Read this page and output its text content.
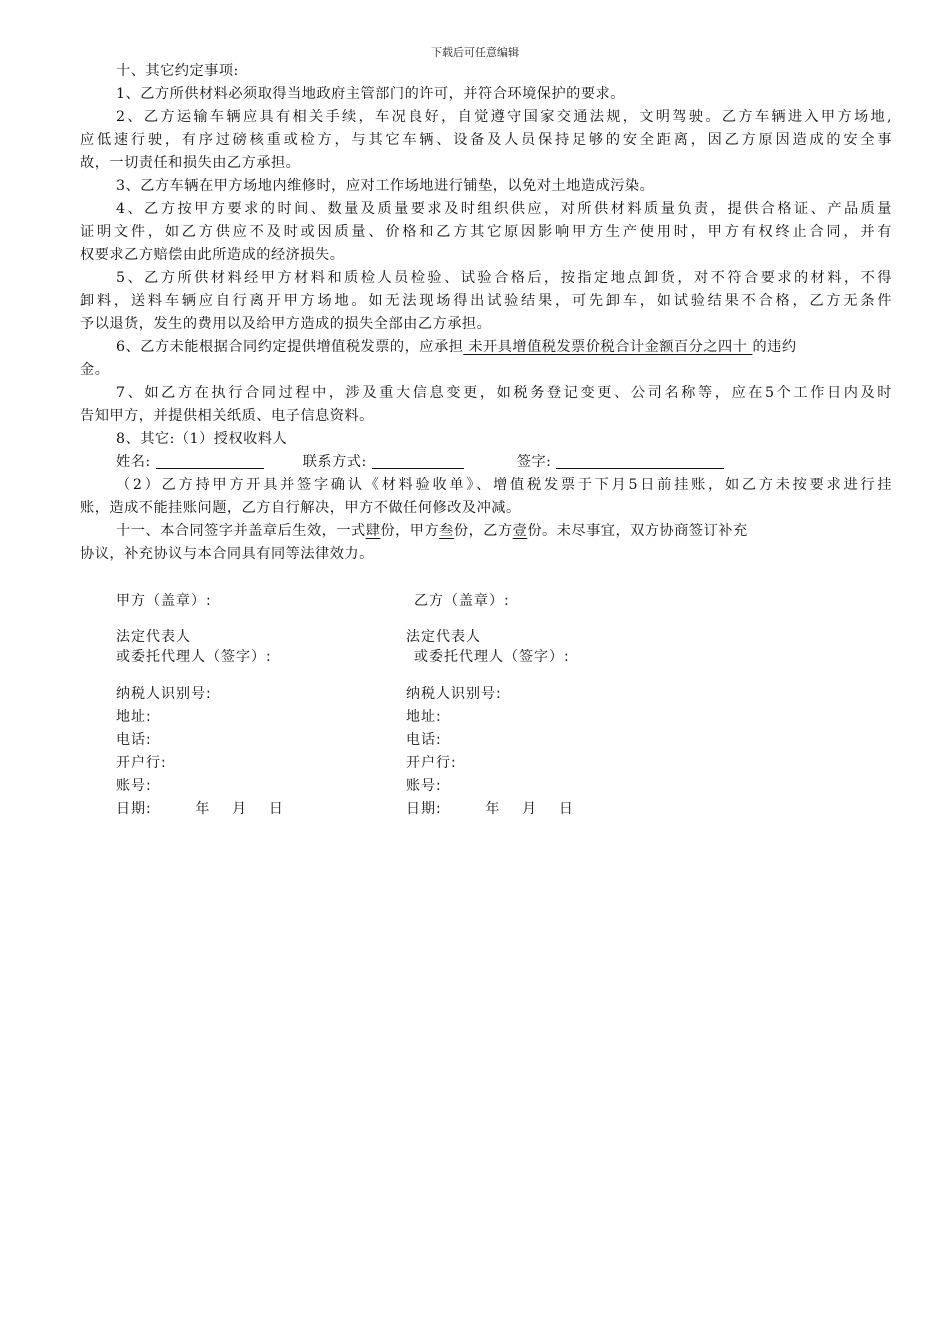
下载后可任意编辑
十、其它约定事项:
1、乙方所供材料必须取得当地政府主管部门的许可，并符合环境保护的要求。
2、乙方运输车辆应具有相关手续，车况良好，自觉遵守国家交通法规，文明驾驶。乙方车辆进入甲方场地,
应低速行驶，有序过磅核重或检方，与其它车辆、设备及人员保持足够的安全距离，因乙方原因造成的安全事
故，一切责任和损失由乙方承担。
3、乙方车辆在甲方场地内维修时，应对工作场地进行铺垫，以免对土地造成污染。
4、乙方按甲方要求的时间、数量及质量要求及时组织供应，对所供材料质量负责，提供合格证、产品质量
证明文件，如乙方供应不及时或因质量、价格和乙方其它原因影响甲方生产使用时，甲方有权终止合同，并有
权要求乙方赔偿由此所造成的经济损失。
5、乙方所供材料经甲方材料和质检人员检验、试验合格后，按指定地点卸货，对不符合要求的材料，不得
卸料，送料车辆应自行离开甲方场地。如无法现场得出试验结果，可先卸车，如试验结果不合格，乙方无条件
予以退货，发生的费用以及给甲方造成的损失全部由乙方承担。
6、乙方未能根据合同约定提供增值税发票的，应承担 未开具增值税发票价税合计金额百分之四十 的违约
金。
7、如乙方在执行合同过程中，涉及重大信息变更，如税务登记变更、公司名称等，应在5个工作日内及时
告知甲方，并提供相关纸质、电子信息资料。
8、其它:（1）授权收料人
姓名:	联系方式:	签字:
（2）乙方持甲方开具并签字确认《材料验收单》、增值税发票于下月5日前挂账，如乙方未按要求进行挂
账，造成不能挂账问题，乙方自行解决，甲方不做任何修改及冲减。
十一、本合同签字并盖章后生效，一式肆份，甲方叁份，乙方壹份。未尽事宜，双方协商签订补充
协议，补充协议与本合同具有同等法律效力。
甲方（盖章）:
法定代表人
或委托代理人（签字）:
纳税人识别号:
地址:
电话:
开户行:
账号:
日期:        年    月    日
乙方（盖章）:
法定代表人
或委托代理人（签字）:
纳税人识别号:
地址:
电话:
开户行:
账号:
日期:        年    月    日
